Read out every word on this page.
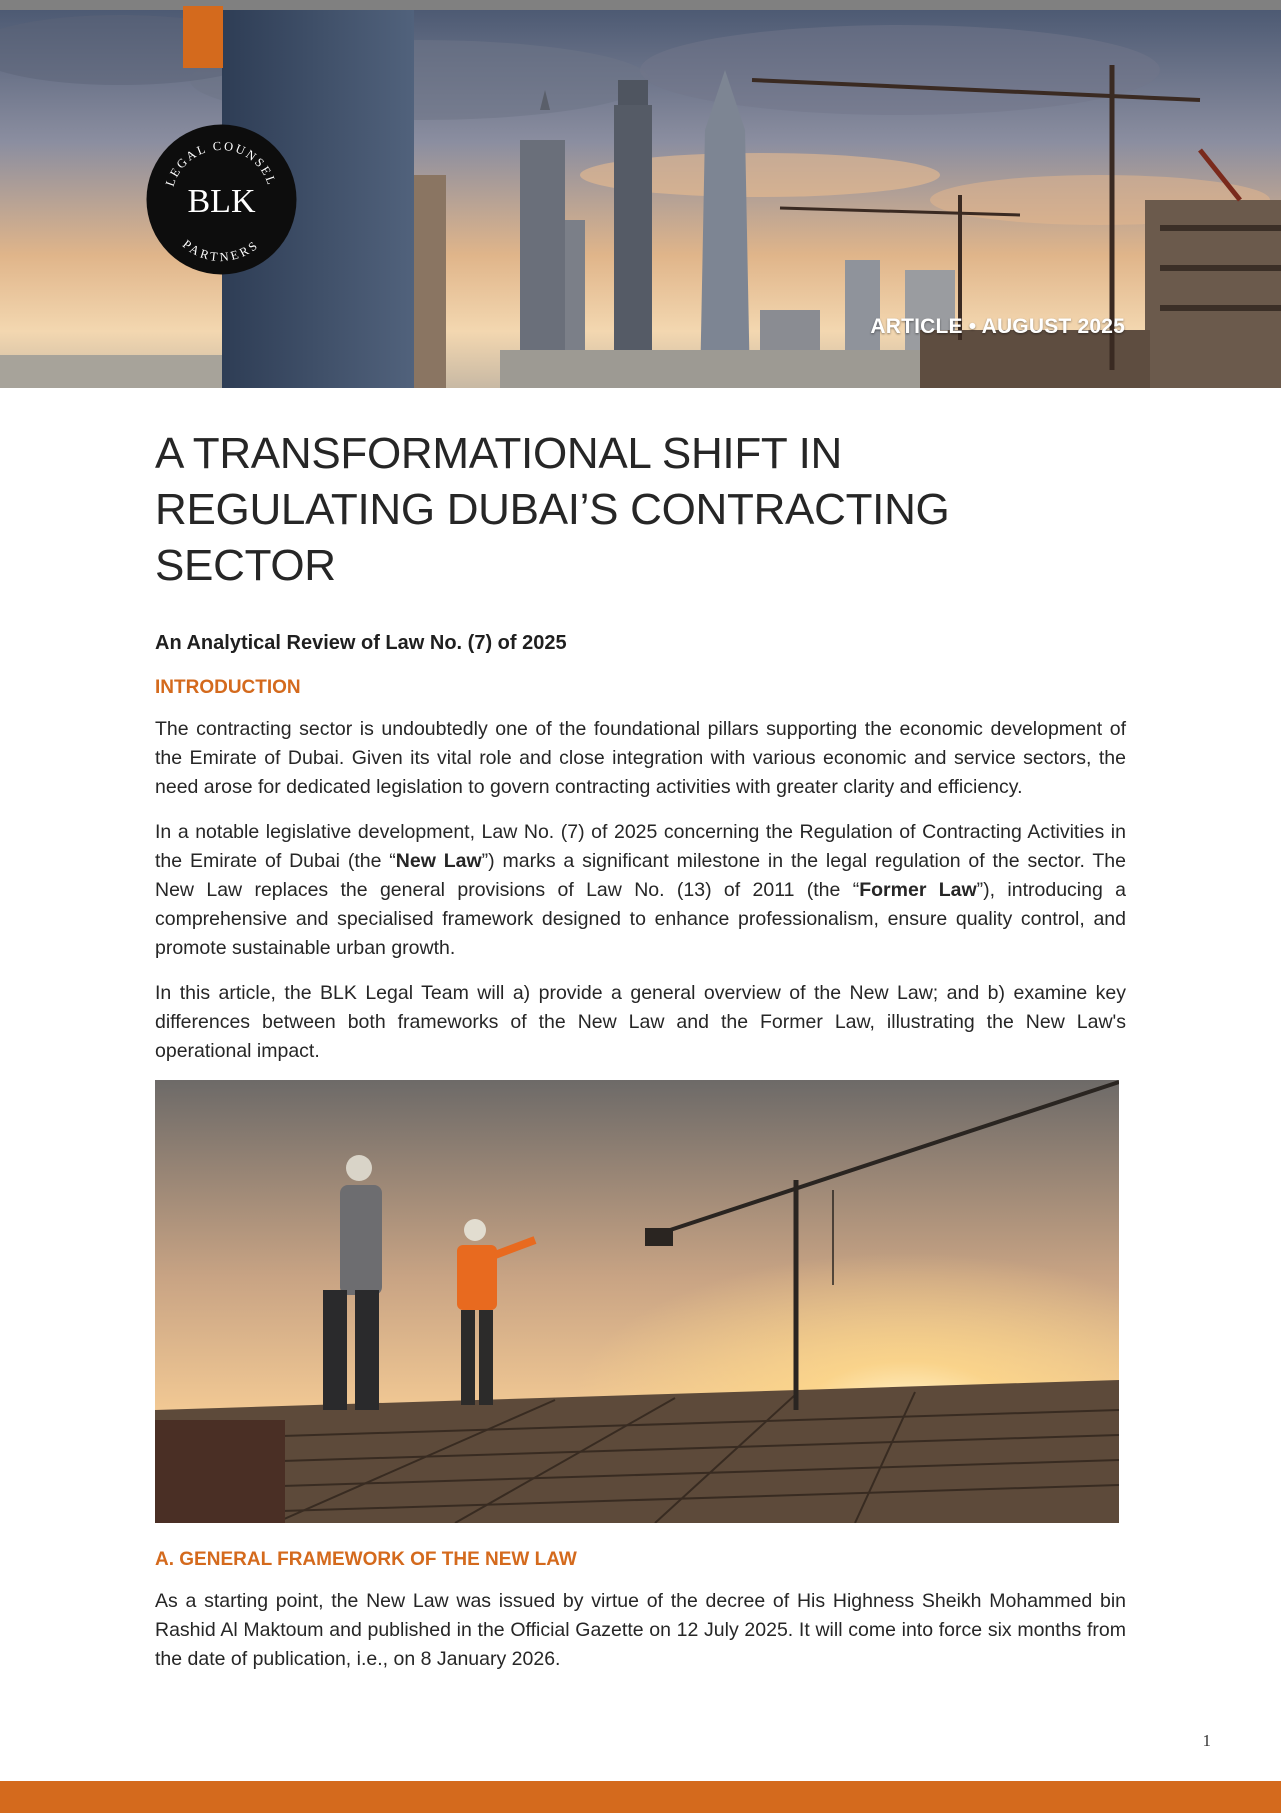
LEGAL COUNSEL
BLK
PARTNERS
ARTICLE • AUGUST 2025
A TRANSFORMATIONAL SHIFT IN REGULATING DUBAI’S CONTRACTING SECTOR
An Analytical Review of Law No. (7) of 2025
INTRODUCTION

The contracting sector is undoubtedly one of the foundational pillars supporting the economic development of the Emirate of Dubai. Given its vital role and close integration with various economic and service sectors, the need arose for dedicated legislation to govern contracting activities with greater clarity and efficiency.

In a notable legislative development, Law No. (7) of 2025 concerning the Regulation of Contracting Activities in the Emirate of Dubai (the “New Law”) marks a significant milestone in the legal regulation of the sector. The New Law replaces the general provisions of Law No. (13) of 2011 (the “Former Law”), introducing a comprehensive and specialised framework designed to enhance professionalism, ensure quality control, and promote sustainable urban growth.

In this article, the BLK Legal Team will a) provide a general overview of the New Law; and b) examine key differences between both frameworks of the New Law and the Former Law, illustrating the New Law's operational impact.

A. GENERAL FRAMEWORK OF THE NEW LAW

As a starting point, the New Law was issued by virtue of the decree of His Highness Sheikh Mohammed bin Rashid Al Maktoum and published in the Official Gazette on 12 July 2025. It will come into force six months from the date of publication, i.e., on 8 January 2026.

1
